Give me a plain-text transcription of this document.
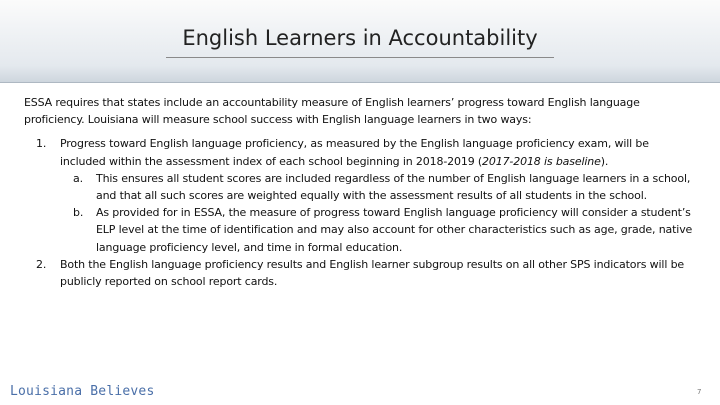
English Learners in Accountability

ESSA requires that states include an accountability measure of English learners’ progress toward English language proficiency. Louisiana will measure school success with English language learners in two ways:

1. Progress toward English language proficiency, as measured by the English language proficiency exam, will be included within the assessment index of each school beginning in 2018-2019 (2017-2018 is baseline).
a. This ensures all student scores are included regardless of the number of English language learners in a school, and that all such scores are weighted equally with the assessment results of all students in the school.
b. As provided for in ESSA, the measure of progress toward English language proficiency will consider a student’s ELP level at the time of identification and may also account for other characteristics such as age, grade, native language proficiency level, and time in formal education.
2. Both the English language proficiency results and English learner subgroup results on all other SPS indicators will be publicly reported on school report cards.
Louisiana Believes	7
